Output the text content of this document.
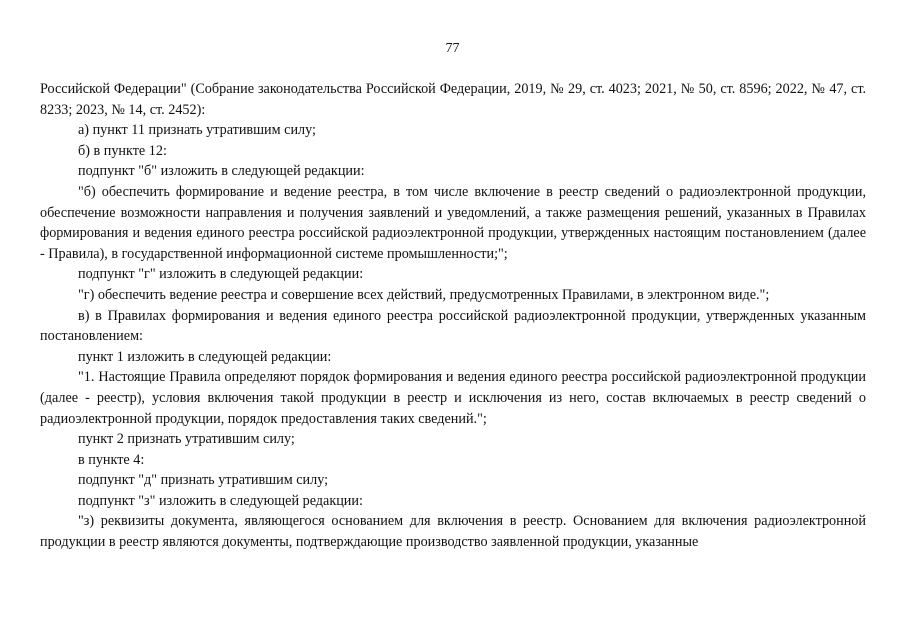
77

Российской Федерации" (Собрание законодательства Российской Федерации, 2019, № 29, ст. 4023; 2021, № 50, ст. 8596; 2022, № 47, ст. 8233; 2023, № 14, ст. 2452):

а) пункт 11 признать утратившим силу;

б) в пункте 12:

подпункт "б" изложить в следующей редакции:

"б) обеспечить формирование и ведение реестра, в том числе включение в реестр сведений о радиоэлектронной продукции, обеспечение возможности направления и получения заявлений и уведомлений, а также размещения решений, указанных в Правилах формирования и ведения единого реестра российской радиоэлектронной продукции, утвержденных настоящим постановлением (далее - Правила), в государственной информационной системе промышленности;";

подпункт "г" изложить в следующей редакции:

"г) обеспечить ведение реестра и совершение всех действий, предусмотренных Правилами, в электронном виде.";

в) в Правилах формирования и ведения единого реестра российской радиоэлектронной продукции, утвержденных указанным постановлением:

пункт 1 изложить в следующей редакции:

"1. Настоящие Правила определяют порядок формирования и ведения единого реестра российской радиоэлектронной продукции (далее - реестр), условия включения такой продукции в реестр и исключения из него, состав включаемых в реестр сведений о радиоэлектронной продукции, порядок предоставления таких сведений.";

пункт 2 признать утратившим силу;

в пункте 4:

подпункт "д" признать утратившим силу;

подпункт "з" изложить в следующей редакции:

"з) реквизиты документа, являющегося основанием для включения в реестр. Основанием для включения радиоэлектронной продукции в реестр являются документы, подтверждающие производство заявленной продукции, указанные
